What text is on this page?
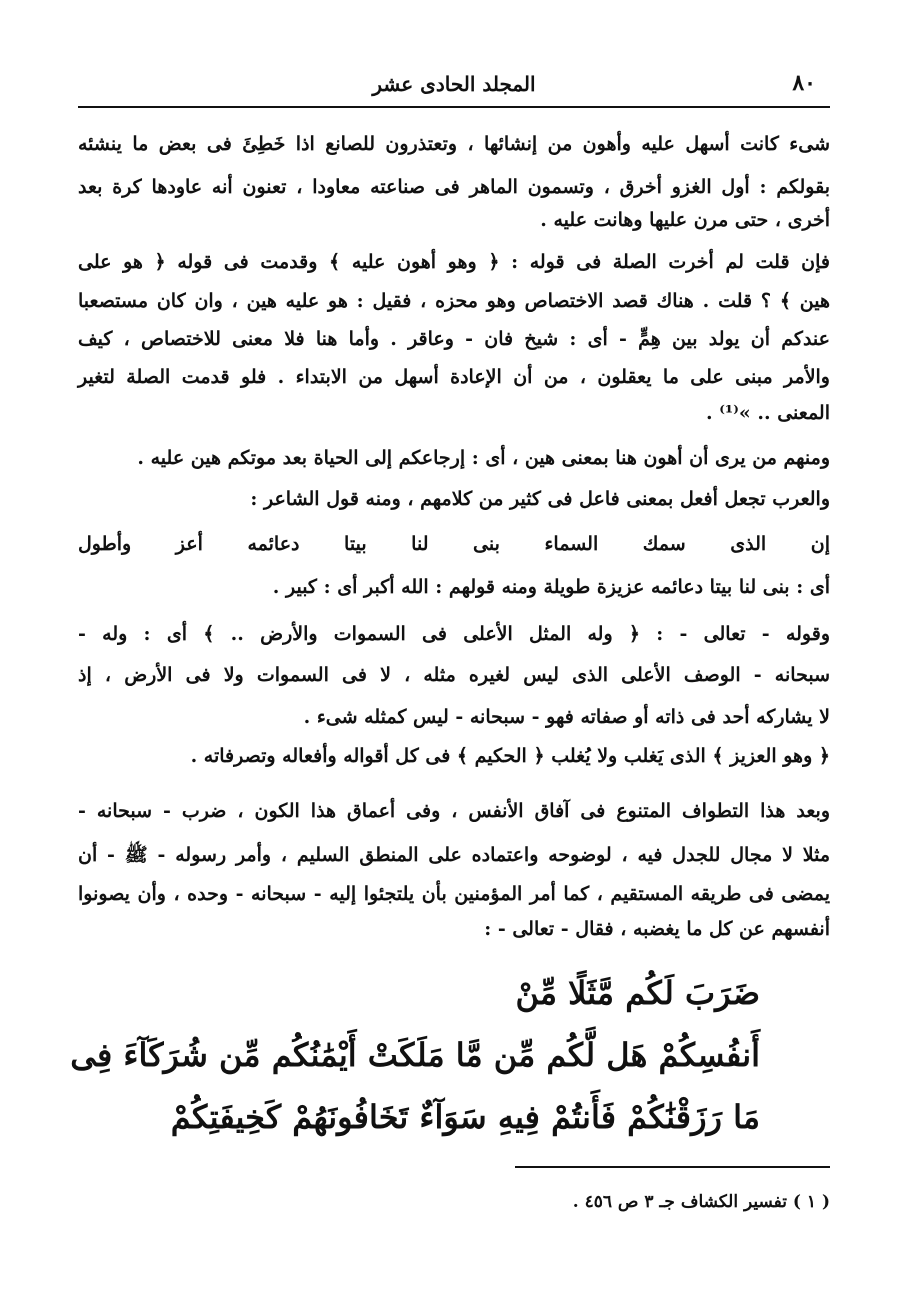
٨٠
المجلد الحادى عشر
شىء كانت أسهل عليه وأهون من إنشائها ، وتعتذرون للصانع اذا خَطِئَ فى بعض ما ينشئه
بقولكم : أول الغزو أخرق ، وتسمون الماهر فى صناعته معاودا ، تعنون أنه عاودها كرة بعد
أخرى ، حتى مرن عليها وهانت عليه .
فإن قلت لم أخرت الصلة فى قوله : ﴿ وهو أهون عليه ﴾ وقدمت فى قوله ﴿ هو على
هين ﴾ ؟ قلت . هناك قصد الاختصاص وهو محزه ، فقيل : هو عليه هين ، وان كان مستصعبا
عندكم أن يولد بين هِمٍّ - أى : شيخ فان - وعاقر . وأما هنا فلا معنى للاختصاص ، كيف
والأمر مبنى على ما يعقلون ، من أن الإعادة أسهل من الابتداء . فلو قدمت الصلة لتغير
المعنى .. »⁽¹⁾ .
ومنهم من يرى أن أهون هنا بمعنى هين ، أى : إرجاعكم إلى الحياة بعد موتكم هين عليه .
والعرب تجعل أفعل بمعنى فاعل فى كثير من كلامهم ، ومنه قول الشاعر :
إن الذى سمك السماء بنى لنا بيتا دعائمه أعز وأطول
أى : بنى لنا بيتا دعائمه عزيزة طويلة ومنه قولهم : الله أكبر أى : كبير .
وقوله - تعالى - : ﴿ وله المثل الأعلى فى السموات والأرض .. ﴾ أى : وله -
سبحانه - الوصف الأعلى الذى ليس لغيره مثله ، لا فى السموات ولا فى الأرض ، إذ
لا يشاركه أحد فى ذاته أو صفاته فهو - سبحانه - ليس كمثله شىء .
﴿ وهو العزيز ﴾ الذى يَغلب ولا يُغلب ﴿ الحكيم ﴾ فى كل أقواله وأفعاله وتصرفاته .
وبعد هذا التطواف المتنوع فى آفاق الأنفس ، وفى أعماق هذا الكون ، ضرب - سبحانه -
مثلا لا مجال للجدل فيه ، لوضوحه واعتماده على المنطق السليم ، وأمر رسوله - ﷺ - أن
يمضى فى طريقه المستقيم ، كما أمر المؤمنين بأن يلتجئوا إليه - سبحانه - وحده ، وأن يصونوا
أنفسهم عن كل ما يغضبه ، فقال - تعالى - :
ضَرَبَ لَكُم مَّثَلًا مِّنْ
أَنفُسِكُمْ هَل لَّكُم مِّن مَّا مَلَكَتْ أَيْمَٰنُكُم مِّن شُرَكَآءَ فِى
مَا رَزَقْنَٰكُمْ فَأَنتُمْ فِيهِ سَوَآءٌ تَخَافُونَهُمْ كَخِيفَتِكُمْ
( ١ ) تفسير الكشاف جـ ٣ ص ٤٥٦ .
